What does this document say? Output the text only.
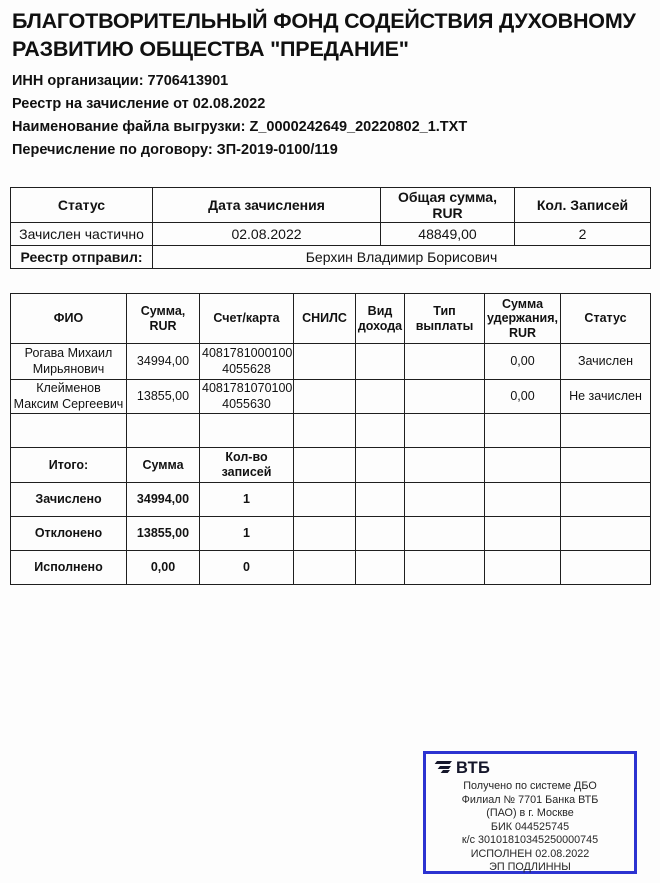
БЛАГОТВОРИТЕЛЬНЫЙ ФОНД СОДЕЙСТВИЯ ДУХОВНОМУ РАЗВИТИЮ ОБЩЕСТВА "ПРЕДАНИЕ"

ИНН организации: 7706413901

Реестр на зачисление от 02.08.2022

Наименование файла выгрузки: Z_0000242649_20220802_1.TXT

Перечисление по договору: ЗП-2019-0100/119

Статус	Дата зачисления	Общая сумма, RUR	Кол. Записей
Зачислен частично	02.08.2022	48849,00	2
Реестр отправил:	Берхин Владимир Борисович		
ФИО	Сумма, RUR	Счет/карта	СНИЛС	Вид дохода	Тип выплаты	Сумма удержания, RUR	Статус
Рогава Михаил Мирьянович	34994,00	4081781000100
4055628				0,00	Зачислен
Клейменов Максим Сергеевич	13855,00	4081781070100
4055630				0,00	Не зачислен

Итого:	Сумма	Кол-во записей					
Зачислено	34994,00	1					
Отклонено	13855,00	1					
Исполнено	0,00	0					
ВТБ
Получено по системе ДБО
Филиал № 7701 Банка ВТБ
(ПАО) в г. Москве
БИК 044525745
к/с 30101810345250000745
ИСПОЛНЕН 02.08.2022
ЭП ПОДЛИННЫ
